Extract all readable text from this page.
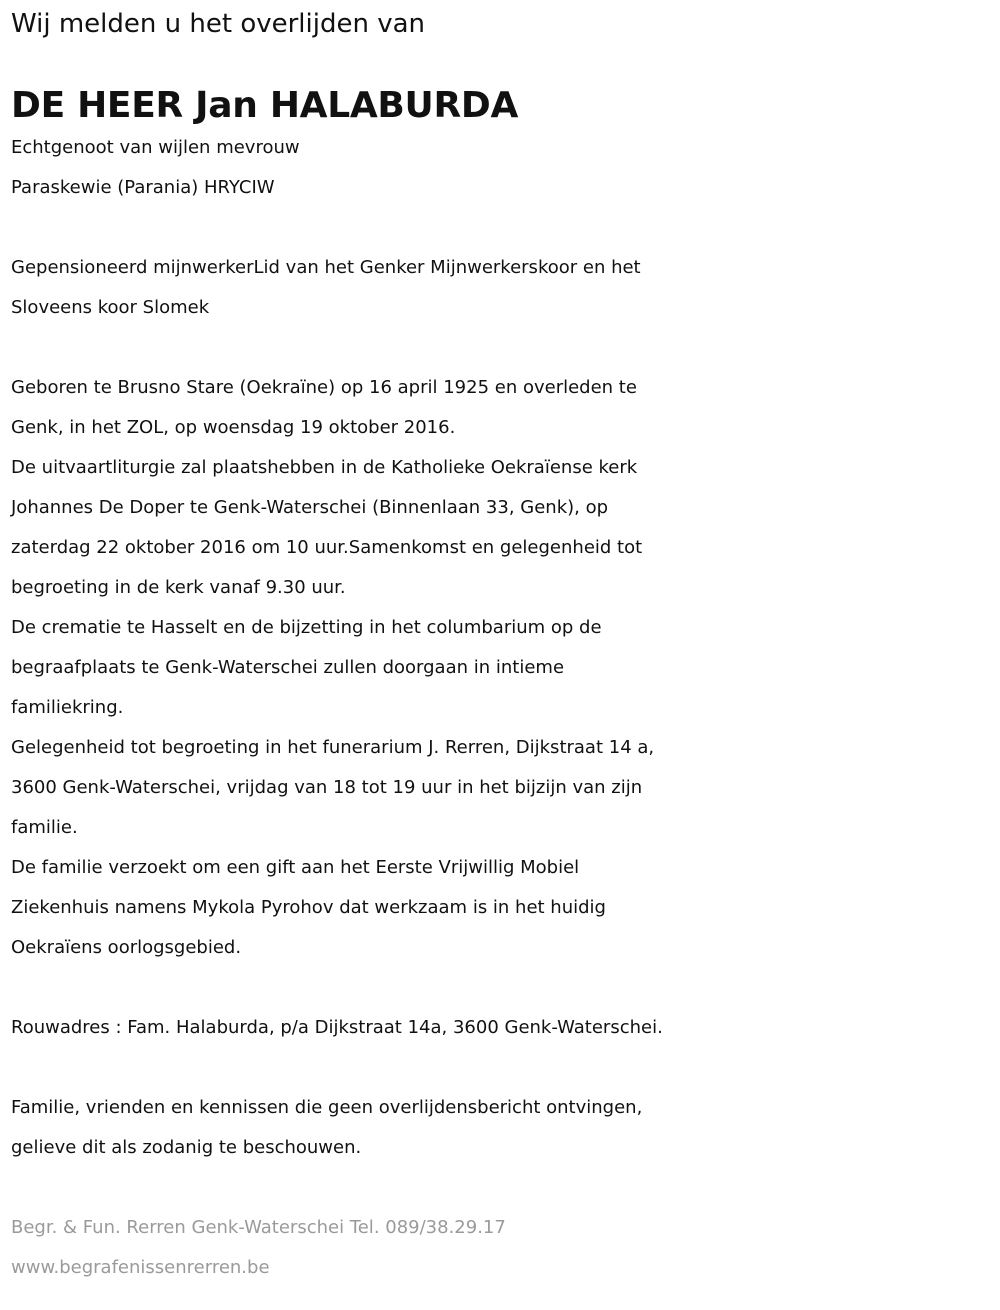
Wij melden u het overlijden van

DE HEER Jan HALABURDA

Echtgenoot van wijlen mevrouw

Paraskewie (Parania) HRYCIW

Gepensioneerd mijnwerkerLid van het Genker Mijnwerkerskoor en het

Sloveens koor Slomek

Geboren te Brusno Stare (Oekraïne) op 16 april 1925 en overleden te

Genk, in het ZOL, op woensdag 19 oktober 2016.

De uitvaartliturgie zal plaatshebben in de Katholieke Oekraïense kerk

Johannes De Doper te Genk-Waterschei (Binnenlaan 33, Genk), op

zaterdag 22 oktober 2016 om 10 uur.Samenkomst en gelegenheid tot

begroeting in de kerk vanaf 9.30 uur.

De crematie te Hasselt en de bijzetting in het columbarium op de

begraafplaats te Genk-Waterschei zullen doorgaan in intieme

familiekring.

Gelegenheid tot begroeting in het funerarium J. Rerren, Dijkstraat 14 a,

3600 Genk-Waterschei, vrijdag van 18 tot 19 uur in het bijzijn van zijn

familie.

De familie verzoekt om een gift aan het Eerste Vrijwillig Mobiel

Ziekenhuis namens Mykola Pyrohov dat werkzaam is in het huidig

Oekraïens oorlogsgebied.

Rouwadres : Fam. Halaburda, p/a Dijkstraat 14a, 3600 Genk-Waterschei.

Familie, vrienden en kennissen die geen overlijdensbericht ontvingen,

gelieve dit als zodanig te beschouwen.

Begr. & Fun. Rerren Genk-Waterschei Tel. 089/38.29.17

www.begrafenissenrerren.be
